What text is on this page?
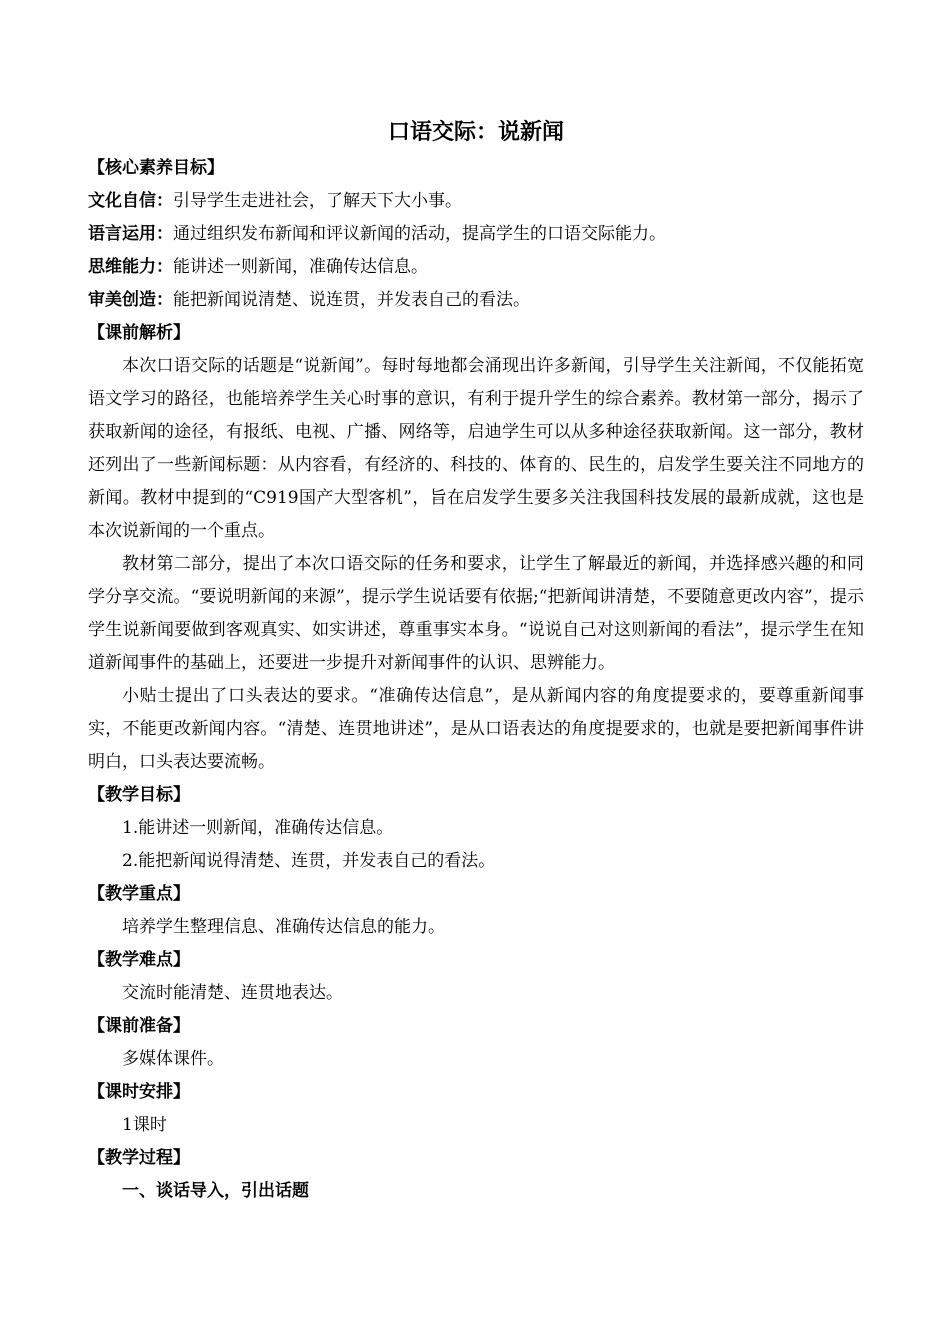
口语交际：说新闻
【核心素养目标】
文化自信：引导学生走进社会，了解天下大小事。
语言运用：通过组织发布新闻和评议新闻的活动，提高学生的口语交际能力。
思维能力：能讲述一则新闻，准确传达信息。
审美创造：能把新闻说清楚、说连贯，并发表自己的看法。
【课前解析】
本次口语交际的话题是“说新闻”。每时每地都会涌现出许多新闻，引导学生关注新闻，不仅能拓宽语文学习的路径，也能培养学生关心时事的意识，有利于提升学生的综合素养。教材第一部分，揭示了获取新闻的途径，有报纸、电视、广播、网络等，启迪学生可以从多种途径获取新闻。这一部分，教材还列出了一些新闻标题：从内容看，有经济的、科技的、体育的、民生的，启发学生要关注不同地方的新闻。教材中提到的“C919国产大型客机”，旨在启发学生要多关注我国科技发展的最新成就，这也是本次说新闻的一个重点。
教材第二部分，提出了本次口语交际的任务和要求，让学生了解最近的新闻，并选择感兴趣的和同学分享交流。“要说明新闻的来源”，提示学生说话要有依据;“把新闻讲清楚，不要随意更改内容”，提示学生说新闻要做到客观真实、如实讲述，尊重事实本身。“说说自己对这则新闻的看法”，提示学生在知道新闻事件的基础上，还要进一步提升对新闻事件的认识、思辨能力。
小贴士提出了口头表达的要求。“准确传达信息”，是从新闻内容的角度提要求的，要尊重新闻事实，不能更改新闻内容。“清楚、连贯地讲述”，是从口语表达的角度提要求的，也就是要把新闻事件讲明白，口头表达要流畅。
【教学目标】
1.能讲述一则新闻，准确传达信息。
2.能把新闻说得清楚、连贯，并发表自己的看法。
【教学重点】
培养学生整理信息、准确传达信息的能力。
【教学难点】
交流时能清楚、连贯地表达。
【课前准备】
多媒体课件。
【课时安排】
1课时
【教学过程】
一、谈话导入，引出话题
